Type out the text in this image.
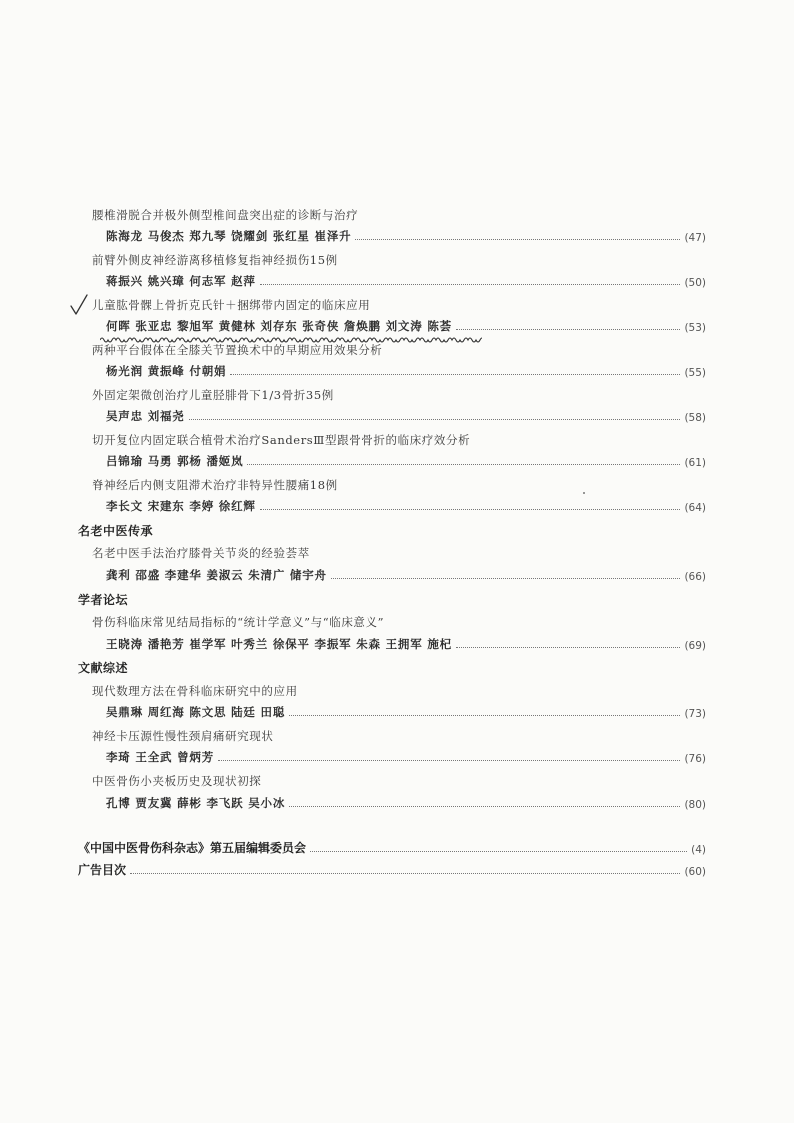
腰椎滑脱合并极外侧型椎间盘突出症的诊断与治疗
陈海龙 马俊杰 郑九琴 饶耀剑 张红星 崔泽升	(47)
前臂外侧皮神经游离移植修复指神经损伤15例
蒋振兴 姚兴璋 何志军 赵萍	(50)
儿童肱骨髁上骨折克氏针＋捆绑带内固定的临床应用
何晖 张亚忠 黎旭军 黄健林 刘存东 张奇侠 詹焕鹏 刘文涛 陈荟	(53)
两种平台假体在全膝关节置换术中的早期应用效果分析
杨光润 黄振峰 付朝娟	(55)
外固定架微创治疗儿童胫腓骨下1/3骨折35例
吴声忠 刘福尧	(58)
切开复位内固定联合植骨术治疗SandersⅢ型跟骨骨折的临床疗效分析
吕锦瑜 马勇 郭杨 潘姬岚	(61)
脊神经后内侧支阻滞术治疗非特异性腰痛18例
李长文 宋建东 李婷 徐红辉	(64)
名老中医传承
名老中医手法治疗膝骨关节炎的经验荟萃
龚利 邵盛 李建华 姜淑云 朱清广 储宇舟	(66)
学者论坛
骨伤科临床常见结局指标的“统计学意义”与“临床意义”
王晓涛 潘艳芳 崔学军 叶秀兰 徐保平 李振军 朱森 王拥军 施杞	(69)
文献综述
现代数理方法在骨科临床研究中的应用
吴鼎琳 周红海 陈文思 陆廷 田聪	(73)
神经卡压源性慢性颈肩痛研究现状
李琦 王全武 曾炳芳	(76)
中医骨伤小夹板历史及现状初探
孔博 贾友冀 薛彬 李飞跃 吴小冰	(80)
《中国中医骨伤科杂志》第五届编辑委员会	(4)
广告目次	(60)
